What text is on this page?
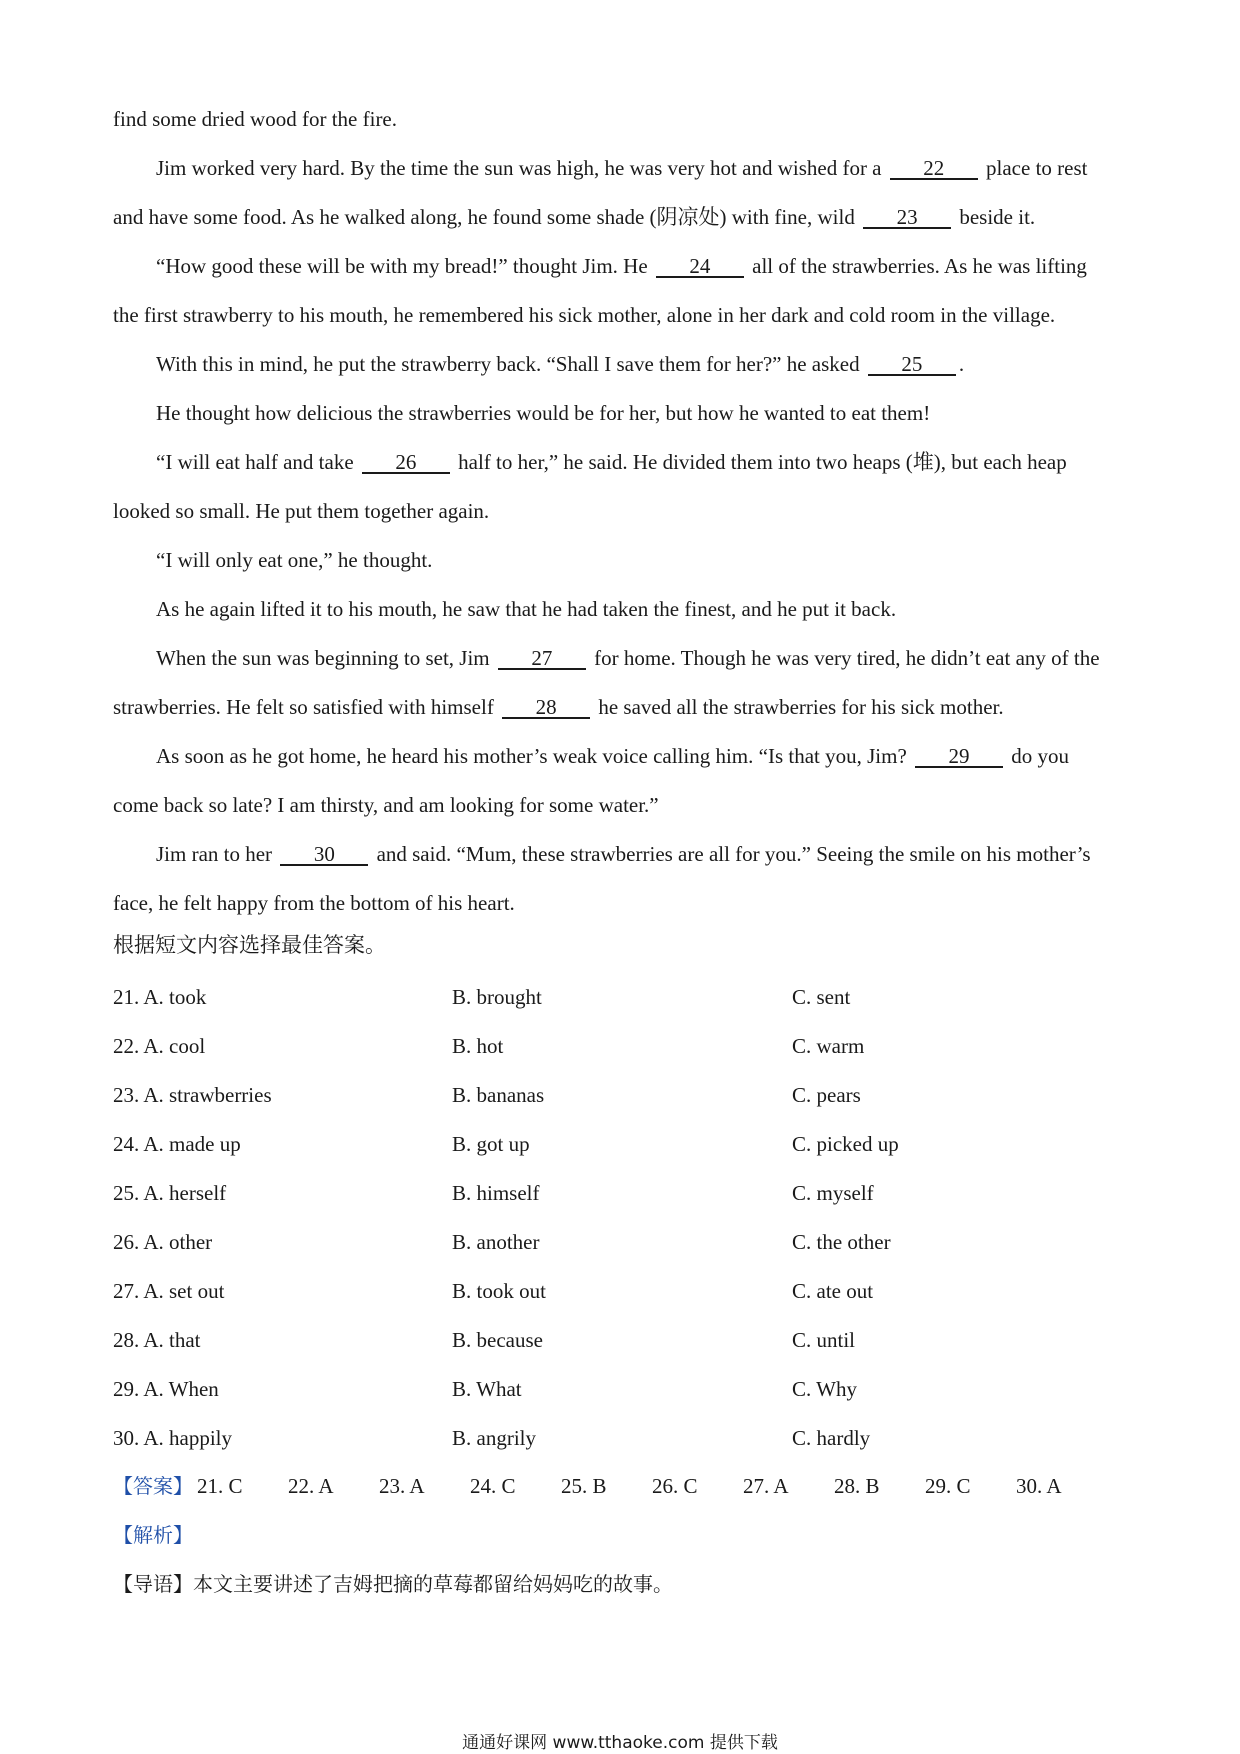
find some dried wood for the fire.
Jim worked very hard. By the time the sun was high, he was very hot and wished for a 22 place to rest
and have some food. As he walked along, he found some shade (阴凉处) with fine, wild 23 beside it.
“How good these will be with my bread!” thought Jim. He 24 all of the strawberries. As he was lifting
the first strawberry to his mouth, he remembered his sick mother, alone in her dark and cold room in the village.
With this in mind, he put the strawberry back. “Shall I save them for her?” he asked 25 .
He thought how delicious the strawberries would be for her, but how he wanted to eat them!
“I will eat half and take 26 half to her,” he said. He divided them into two heaps (堆), but each heap
looked so small. He put them together again.
“I will only eat one,” he thought.
As he again lifted it to his mouth, he saw that he had taken the finest, and he put it back.
When the sun was beginning to set, Jim 27 for home. Though he was very tired, he didn’t eat any of the
strawberries. He felt so satisfied with himself 28 he saved all the strawberries for his sick mother.
As soon as he got home, he heard his mother’s weak voice calling him. “Is that you, Jim? 29 do you
come back so late? I am thirsty, and am looking for some water.”
Jim ran to her 30 and said. “Mum, these strawberries are all for you.” Seeing the smile on his mother’s
face, he felt happy from the bottom of his heart.
根据短文内容选择最佳答案。
21. A. took	B. brought	C. sent
22. A. cool	B. hot	C. warm
23. A. strawberries	B. bananas	C. pears
24. A. made up	B. got up	C. picked up
25. A. herself	B. himself	C. myself
26. A. other	B. another	C. the other
27. A. set out	B. took out	C. ate out
28. A. that	B. because	C. until
29. A. When	B. What	C. Why
30. A. happily	B. angrily	C. hardly
【答案】 21. C 22. A 23. A 24. C 25. B 26. C 27. A 28. B 29. C 30. A
【解析】
【导语】本文主要讲述了吉姆把摘的草莓都留给妈妈吃的故事。
通通好课网 www.tthaoke.com 提供下载
